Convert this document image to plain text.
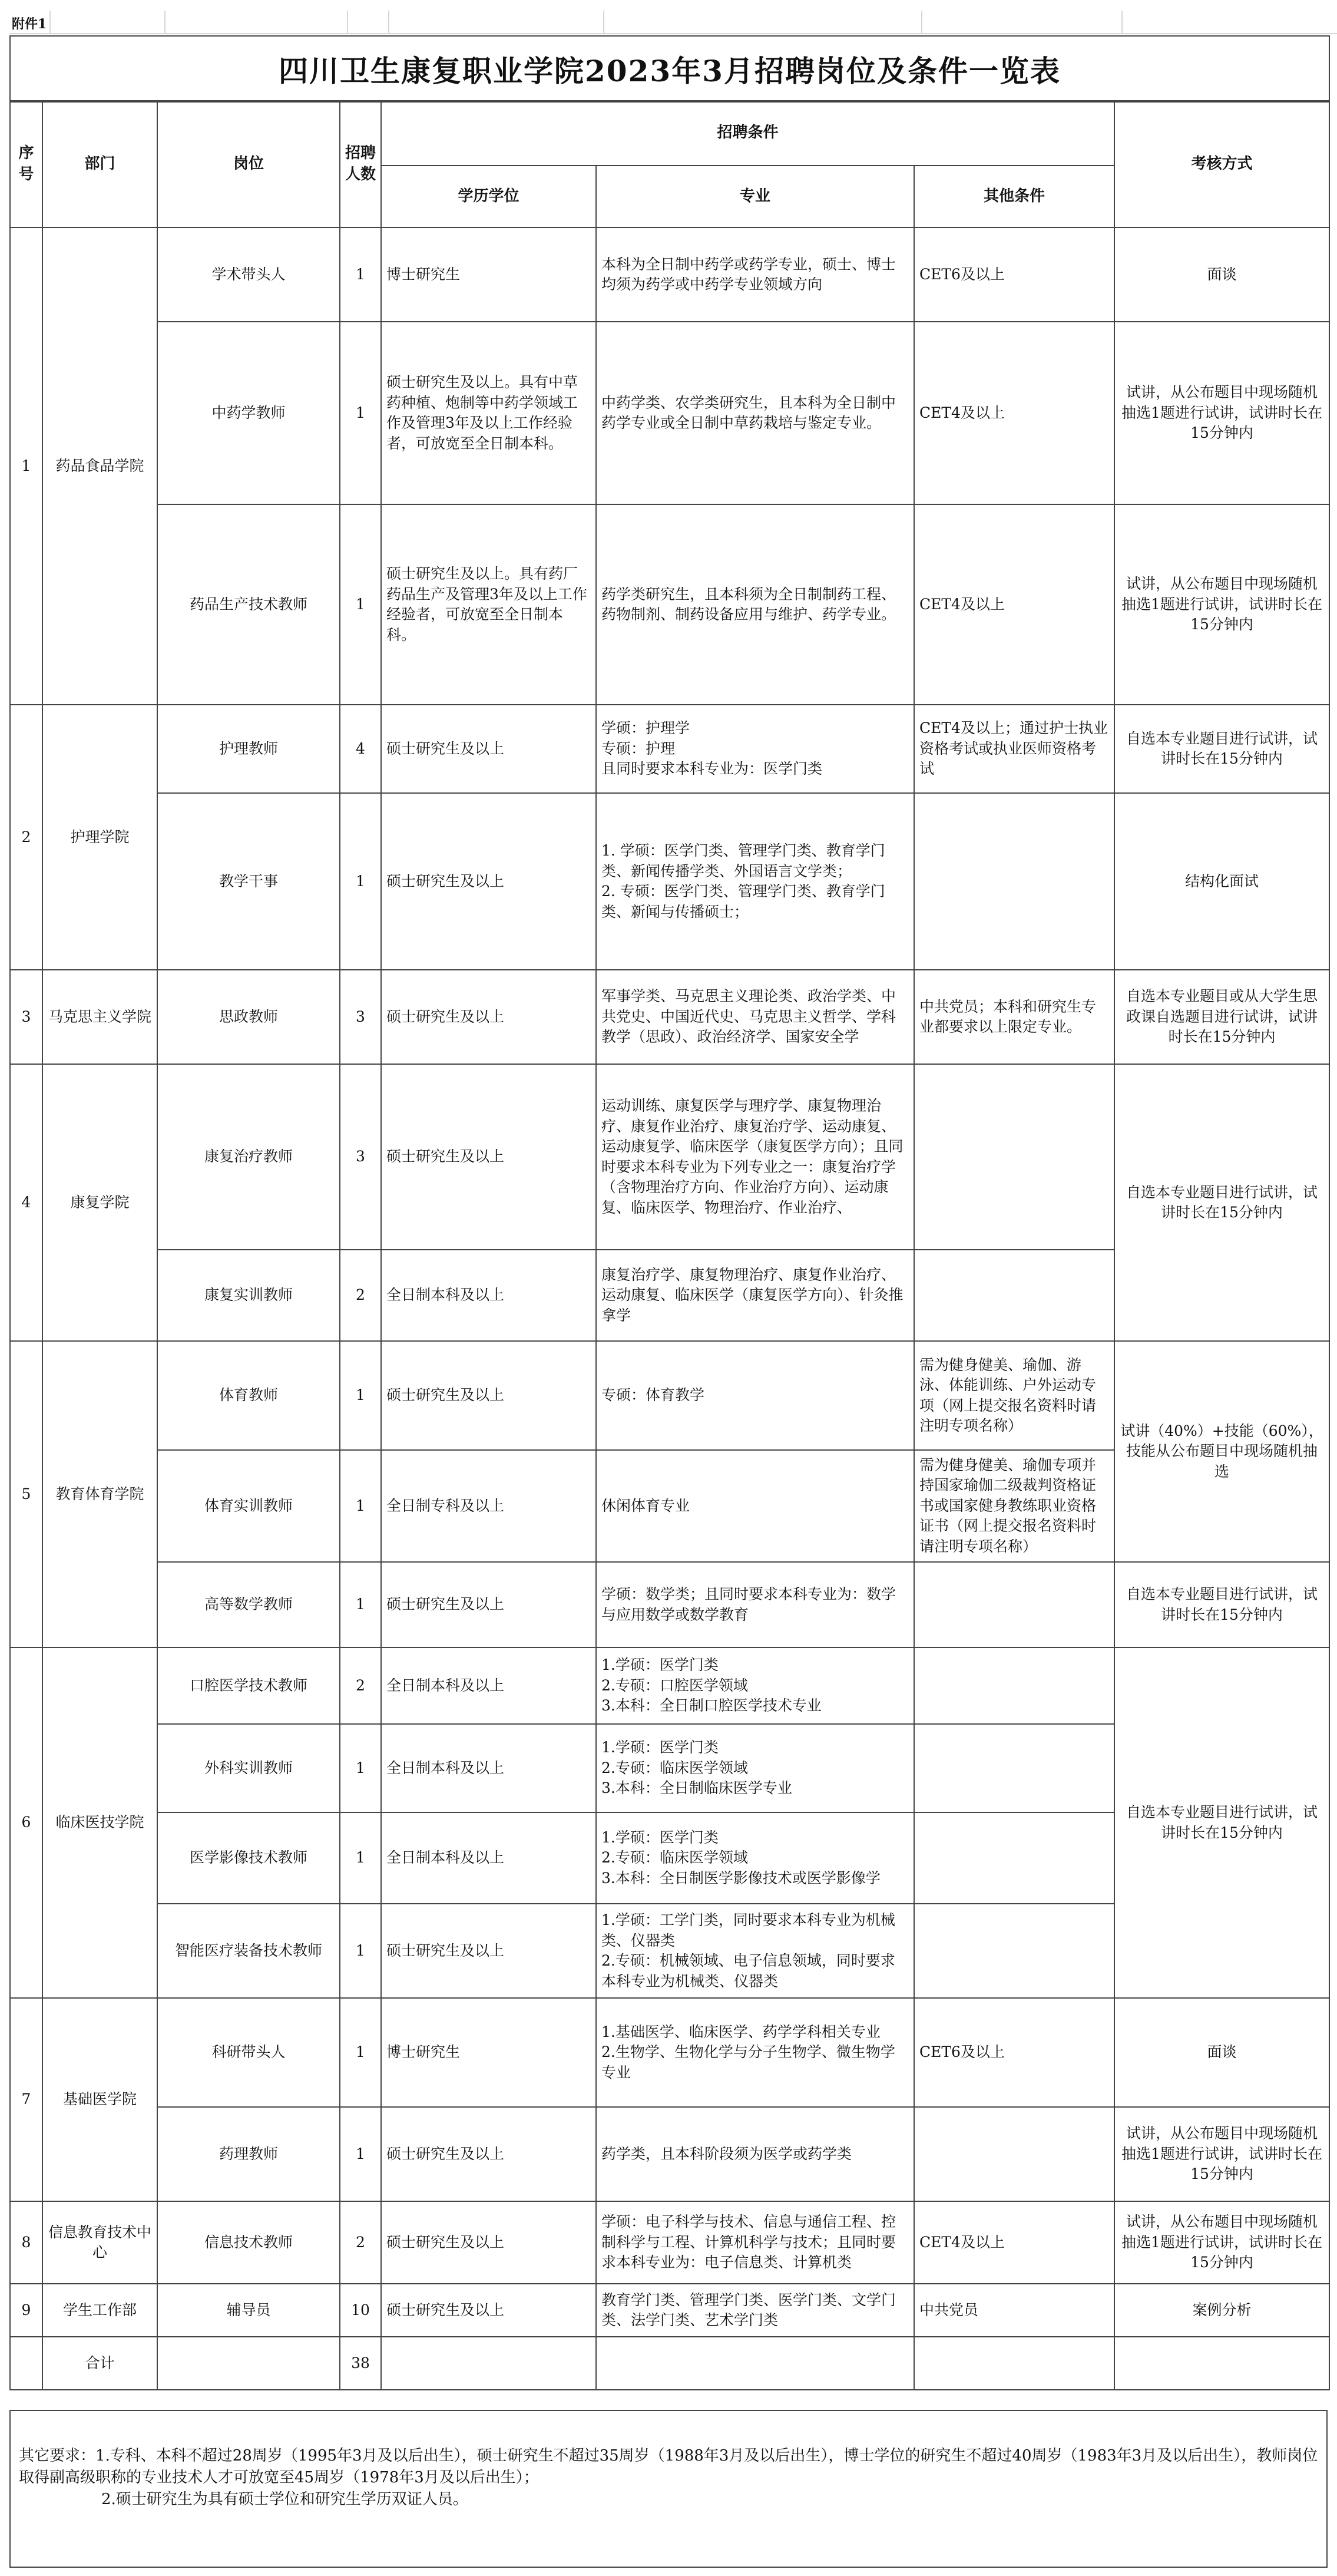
附件1
四川卫生康复职业学院2023年3月招聘岗位及条件一览表
序号	部门	岗位	招聘人数	招聘条件			考核方式
				学历学位	专业	其他条件	
1	药品食品学院	学术带头人	1	博士研究生	本科为全日制中药学或药学专业，硕士、博士均须为药学或中药学专业领域方向	CET6及以上	面谈
		中药学教师	1	硕士研究生及以上。具有中草药种植、炮制等中药学领域工作及管理3年及以上工作经验者，可放宽至全日制本科。	中药学类、农学类研究生，且本科为全日制中药学专业或全日制中草药栽培与鉴定专业。	CET4及以上	试讲，从公布题目中现场随机抽选1题进行试讲，试讲时长在15分钟内
		药品生产技术教师	1	硕士研究生及以上。具有药厂药品生产及管理3年及以上工作经验者，可放宽至全日制本科。	药学类研究生，且本科须为全日制制药工程、药物制剂、制药设备应用与维护、药学专业。	CET4及以上	试讲，从公布题目中现场随机抽选1题进行试讲，试讲时长在15分钟内
2	护理学院	护理教师	4	硕士研究生及以上	学硕：护理学
专硕：护理
且同时要求本科专业为：医学门类	CET4及以上；通过护士执业资格考试或执业医师资格考试	自选本专业题目进行试讲，试讲时长在15分钟内
		教学干事	1	硕士研究生及以上	1. 学硕：医学门类、管理学门类、教育学门类、新闻传播学类、外国语言文学类；
2. 专硕：医学门类、管理学门类、教育学门类、新闻与传播硕士；		结构化面试
3	马克思主义学院	思政教师	3	硕士研究生及以上	军事学类、马克思主义理论类、政治学类、中共党史、中国近代史、马克思主义哲学、学科教学（思政）、政治经济学、国家安全学	中共党员；本科和研究生专业都要求以上限定专业。	自选本专业题目或从大学生思政课自选题目进行试讲，试讲时长在15分钟内
4	康复学院	康复治疗教师	3	硕士研究生及以上	运动训练、康复医学与理疗学、康复物理治疗、康复作业治疗、康复治疗学、运动康复、运动康复学、临床医学（康复医学方向）；且同时要求本科专业为下列专业之一：康复治疗学（含物理治疗方向、作业治疗方向）、运动康复、临床医学、物理治疗、作业治疗、		自选本专业题目进行试讲，试讲时长在15分钟内
		康复实训教师	2	全日制本科及以上	康复治疗学、康复物理治疗、康复作业治疗、运动康复、临床医学（康复医学方向）、针灸推拿学		
5	教育体育学院	体育教师	1	硕士研究生及以上	专硕：体育教学	需为健身健美、瑜伽、游泳、体能训练、户外运动专项（网上提交报名资料时请注明专项名称）	试讲（40%）+技能（60%），技能从公布题目中现场随机抽选
		体育实训教师	1	全日制专科及以上	休闲体育专业	需为健身健美、瑜伽专项并持国家瑜伽二级裁判资格证书或国家健身教练职业资格证书（网上提交报名资料时请注明专项名称）	
		高等数学教师	1	硕士研究生及以上	学硕：数学类；且同时要求本科专业为：数学与应用数学或数学教育		自选本专业题目进行试讲，试讲时长在15分钟内
6	临床医技学院	口腔医学技术教师	2	全日制本科及以上	1.学硕：医学门类
2.专硕：口腔医学领域
3.本科：全日制口腔医学技术专业		自选本专业题目进行试讲，试讲时长在15分钟内
		外科实训教师	1	全日制本科及以上	1.学硕：医学门类
2.专硕：临床医学领域
3.本科：全日制临床医学专业		
		医学影像技术教师	1	全日制本科及以上	1.学硕：医学门类
2.专硕：临床医学领域
3.本科：全日制医学影像技术或医学影像学		
		智能医疗装备技术教师	1	硕士研究生及以上	1.学硕：工学门类，同时要求本科专业为机械类、仪器类
2.专硕：机械领域、电子信息领域，同时要求本科专业为机械类、仪器类		
7	基础医学院	科研带头人	1	博士研究生	1.基础医学、临床医学、药学学科相关专业
2.生物学、生物化学与分子生物学、微生物学专业	CET6及以上	面谈
		药理教师	1	硕士研究生及以上	药学类，且本科阶段须为医学或药学类		试讲，从公布题目中现场随机抽选1题进行试讲，试讲时长在15分钟内
8	信息教育技术中心	信息技术教师	2	硕士研究生及以上	学硕：电子科学与技术、信息与通信工程、控制科学与工程、计算机科学与技术；且同时要求本科专业为：电子信息类、计算机类	CET4及以上	试讲，从公布题目中现场随机抽选1题进行试讲，试讲时长在15分钟内
9	学生工作部	辅导员	10	硕士研究生及以上	教育学门类、管理学门类、医学门类、文学门类、法学门类、艺术学门类	中共党员	案例分析
	合计		38				

其它要求：1.专科、本科不超过28周岁（1995年3月及以后出生），硕士研究生不超过35周岁（1988年3月及以后出生），博士学位的研究生不超过40周岁（1983年3月及以后出生），教师岗位取得副高级职称的专业技术人才可放宽至45周岁（1978年3月及以后出生）；

2.硕士研究生为具有硕士学位和研究生学历双证人员。
